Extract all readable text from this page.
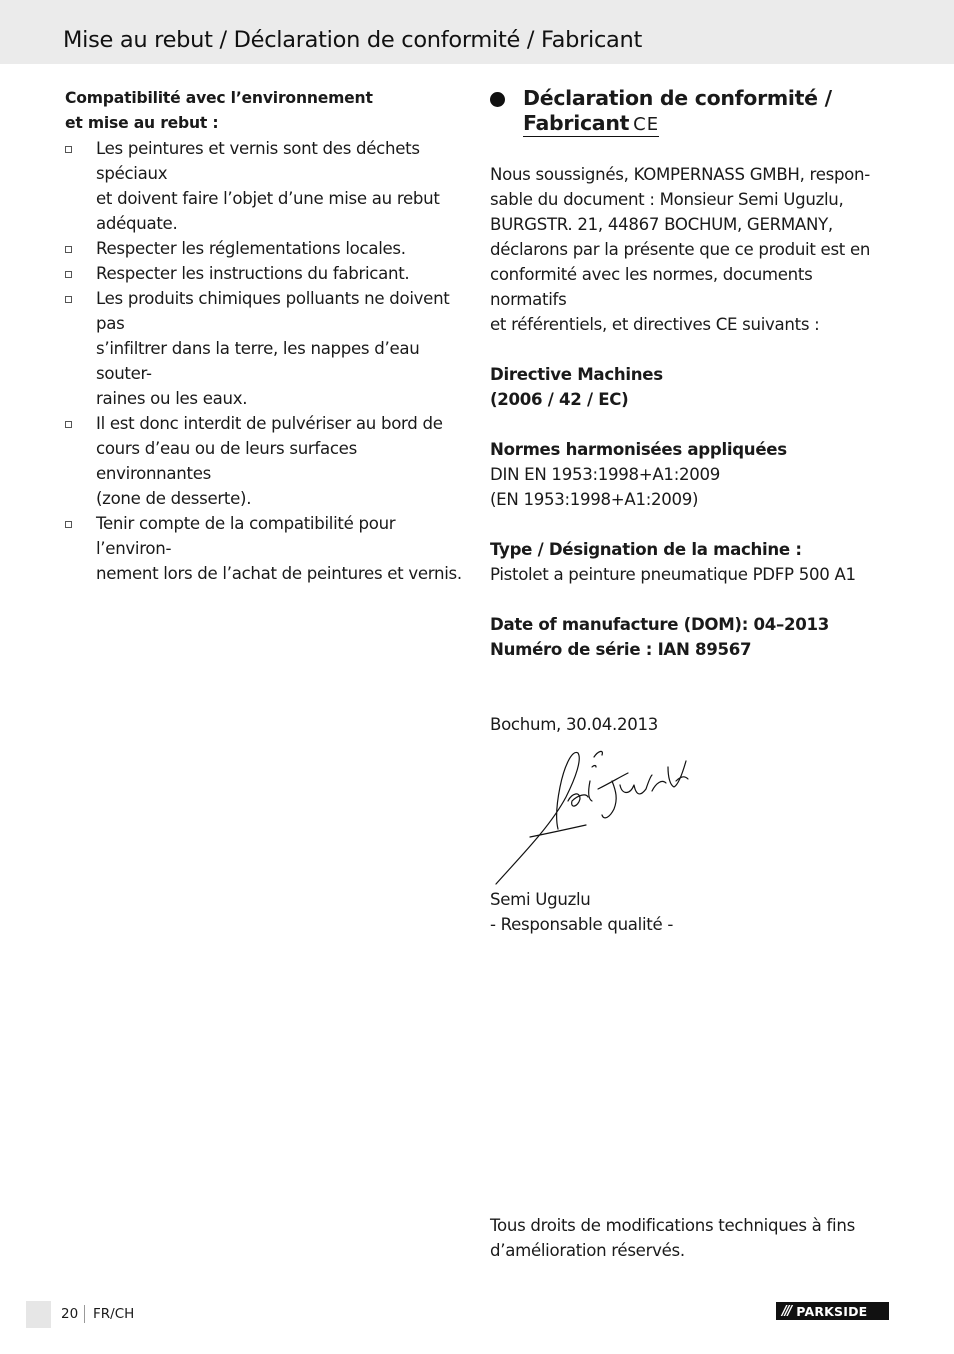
Mise au rebut / Déclaration de conformité / Fabricant

Compatibilité avec l’environnement
et mise au rebut :

Les peintures et vernis sont des déchets spéciaux
et doivent faire l’objet d’une mise au rebut
adéquate.
Respecter les réglementations locales.
Respecter les instructions du fabricant.
Les produits chimiques polluants ne doivent pas
s’infiltrer dans la terre, les nappes d’eau souter-
raines ou les eaux.
Il est donc interdit de pulvériser au bord de
cours d’eau ou de leurs surfaces environnantes
(zone de desserte).
Tenir compte de la compatibilité pour l’environ-
nement lors de l’achat de peintures et vernis.
Déclaration de conformité /
Fabricant CE
Nous soussignés, KOMPERNASS GMBH, respon-
sable du document : Monsieur Semi Uguzlu,
BURGSTR. 21, 44867 BOCHUM, GERMANY,
déclarons par la présente que ce produit est en
conformité avec les normes, documents normatifs
et référentiels, et directives CE suivants :
Directive Machines
(2006 / 42 / EC)
Normes harmonisées appliquées
DIN EN 1953:1998+A1:2009
(EN 1953:1998+A1:2009)
Type / Désignation de la machine :
Pistolet a peinture pneumatique PDFP 500 A1
Date of manufacture (DOM): 04–2013
Numéro de série : IAN 89567
Bochum, 30.04.2013
Semi Uguzlu
- Responsable qualité -
Tous droits de modifications techniques à fins
d’amélioration réservés.
20 FR/CH	/// PARKSIDE
